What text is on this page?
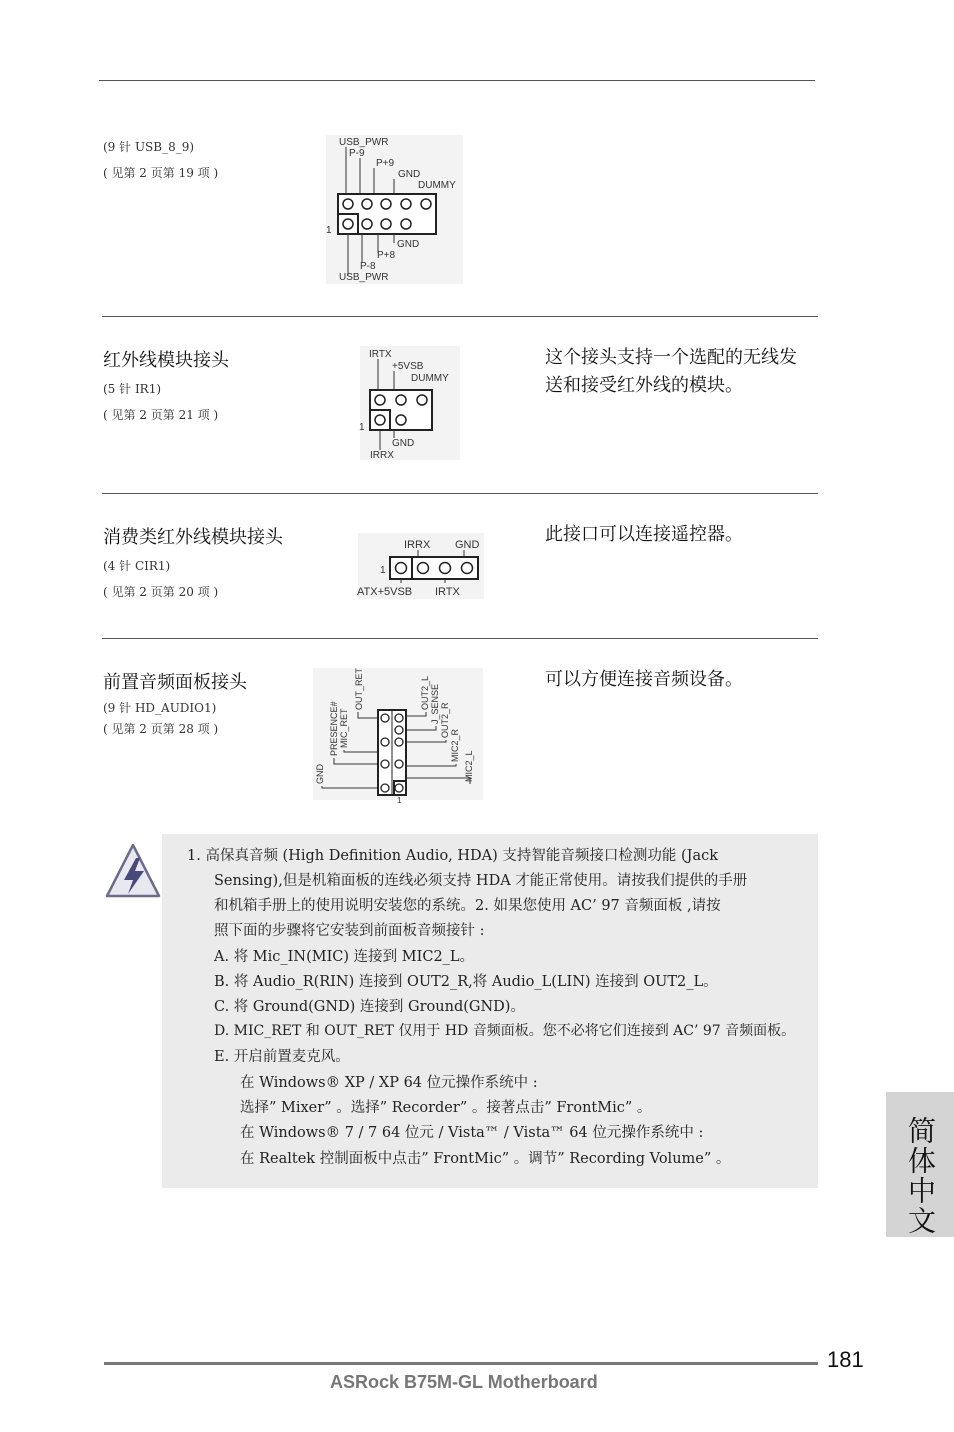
(9 针 USB_8_9)
( 见第 2 页第 19 项 )
USB_PWR
P-9
P+9
GND
DUMMY
1
GND
P+8
P-8
USB_PWR
红外线模块接头
(5 针 IR1)
( 见第 2 页第 21 项 )
这个接头支持一个选配的无线发
送和接受红外线的模块。
IRTX
+5VSB
DUMMY
1
GND
IRRX
消费类红外线模块接头
(4 针 CIR1)
( 见第 2 页第 20 项 )
此接口可以连接遥控器。
IRRX GND
1
ATX+5VSB IRTX
前置音频面板接头
(9 针 HD_AUDIO1)
( 见第 2 页第 28 项 )
可以方便连接音频设备。
OUT_RET
MIC_RET
PRESENCE#
GND
OUT2_L J_SENSE OUT2_R
MIC2_R
MIC2_L
1
1. 高保真音频 (High Definition Audio, HDA) 支持智能音频接口检测功能 (Jack
Sensing),但是机箱面板的连线必须支持 HDA 才能正常使用。请按我们提供的手册
和机箱手册上的使用说明安装您的系统。2. 如果您使用 AC’ 97 音频面板 ,请按
照下面的步骤将它安装到前面板音频接针 :
A. 将 Mic_IN(MIC) 连接到 MIC2_L。
B. 将 Audio_R(RIN) 连接到 OUT2_R,将 Audio_L(LIN) 连接到 OUT2_L。
C. 将 Ground(GND) 连接到 Ground(GND)。
D. MIC_RET 和 OUT_RET 仅用于 HD 音频面板。您不必将它们连接到 AC’ 97 音频面板。
E. 开启前置麦克风。
在 Windows® XP / XP 64 位元操作系统中 :
选择” Mixer” 。选择” Recorder” 。接著点击” FrontMic” 。
在 Windows® 7 / 7 64 位元 / Vista™ / Vista™ 64 位元操作系统中 :
在 Realtek 控制面板中点击” FrontMic” 。调节” Recording Volume” 。	简体中文
181
ASRock B75M-GL Motherboard
